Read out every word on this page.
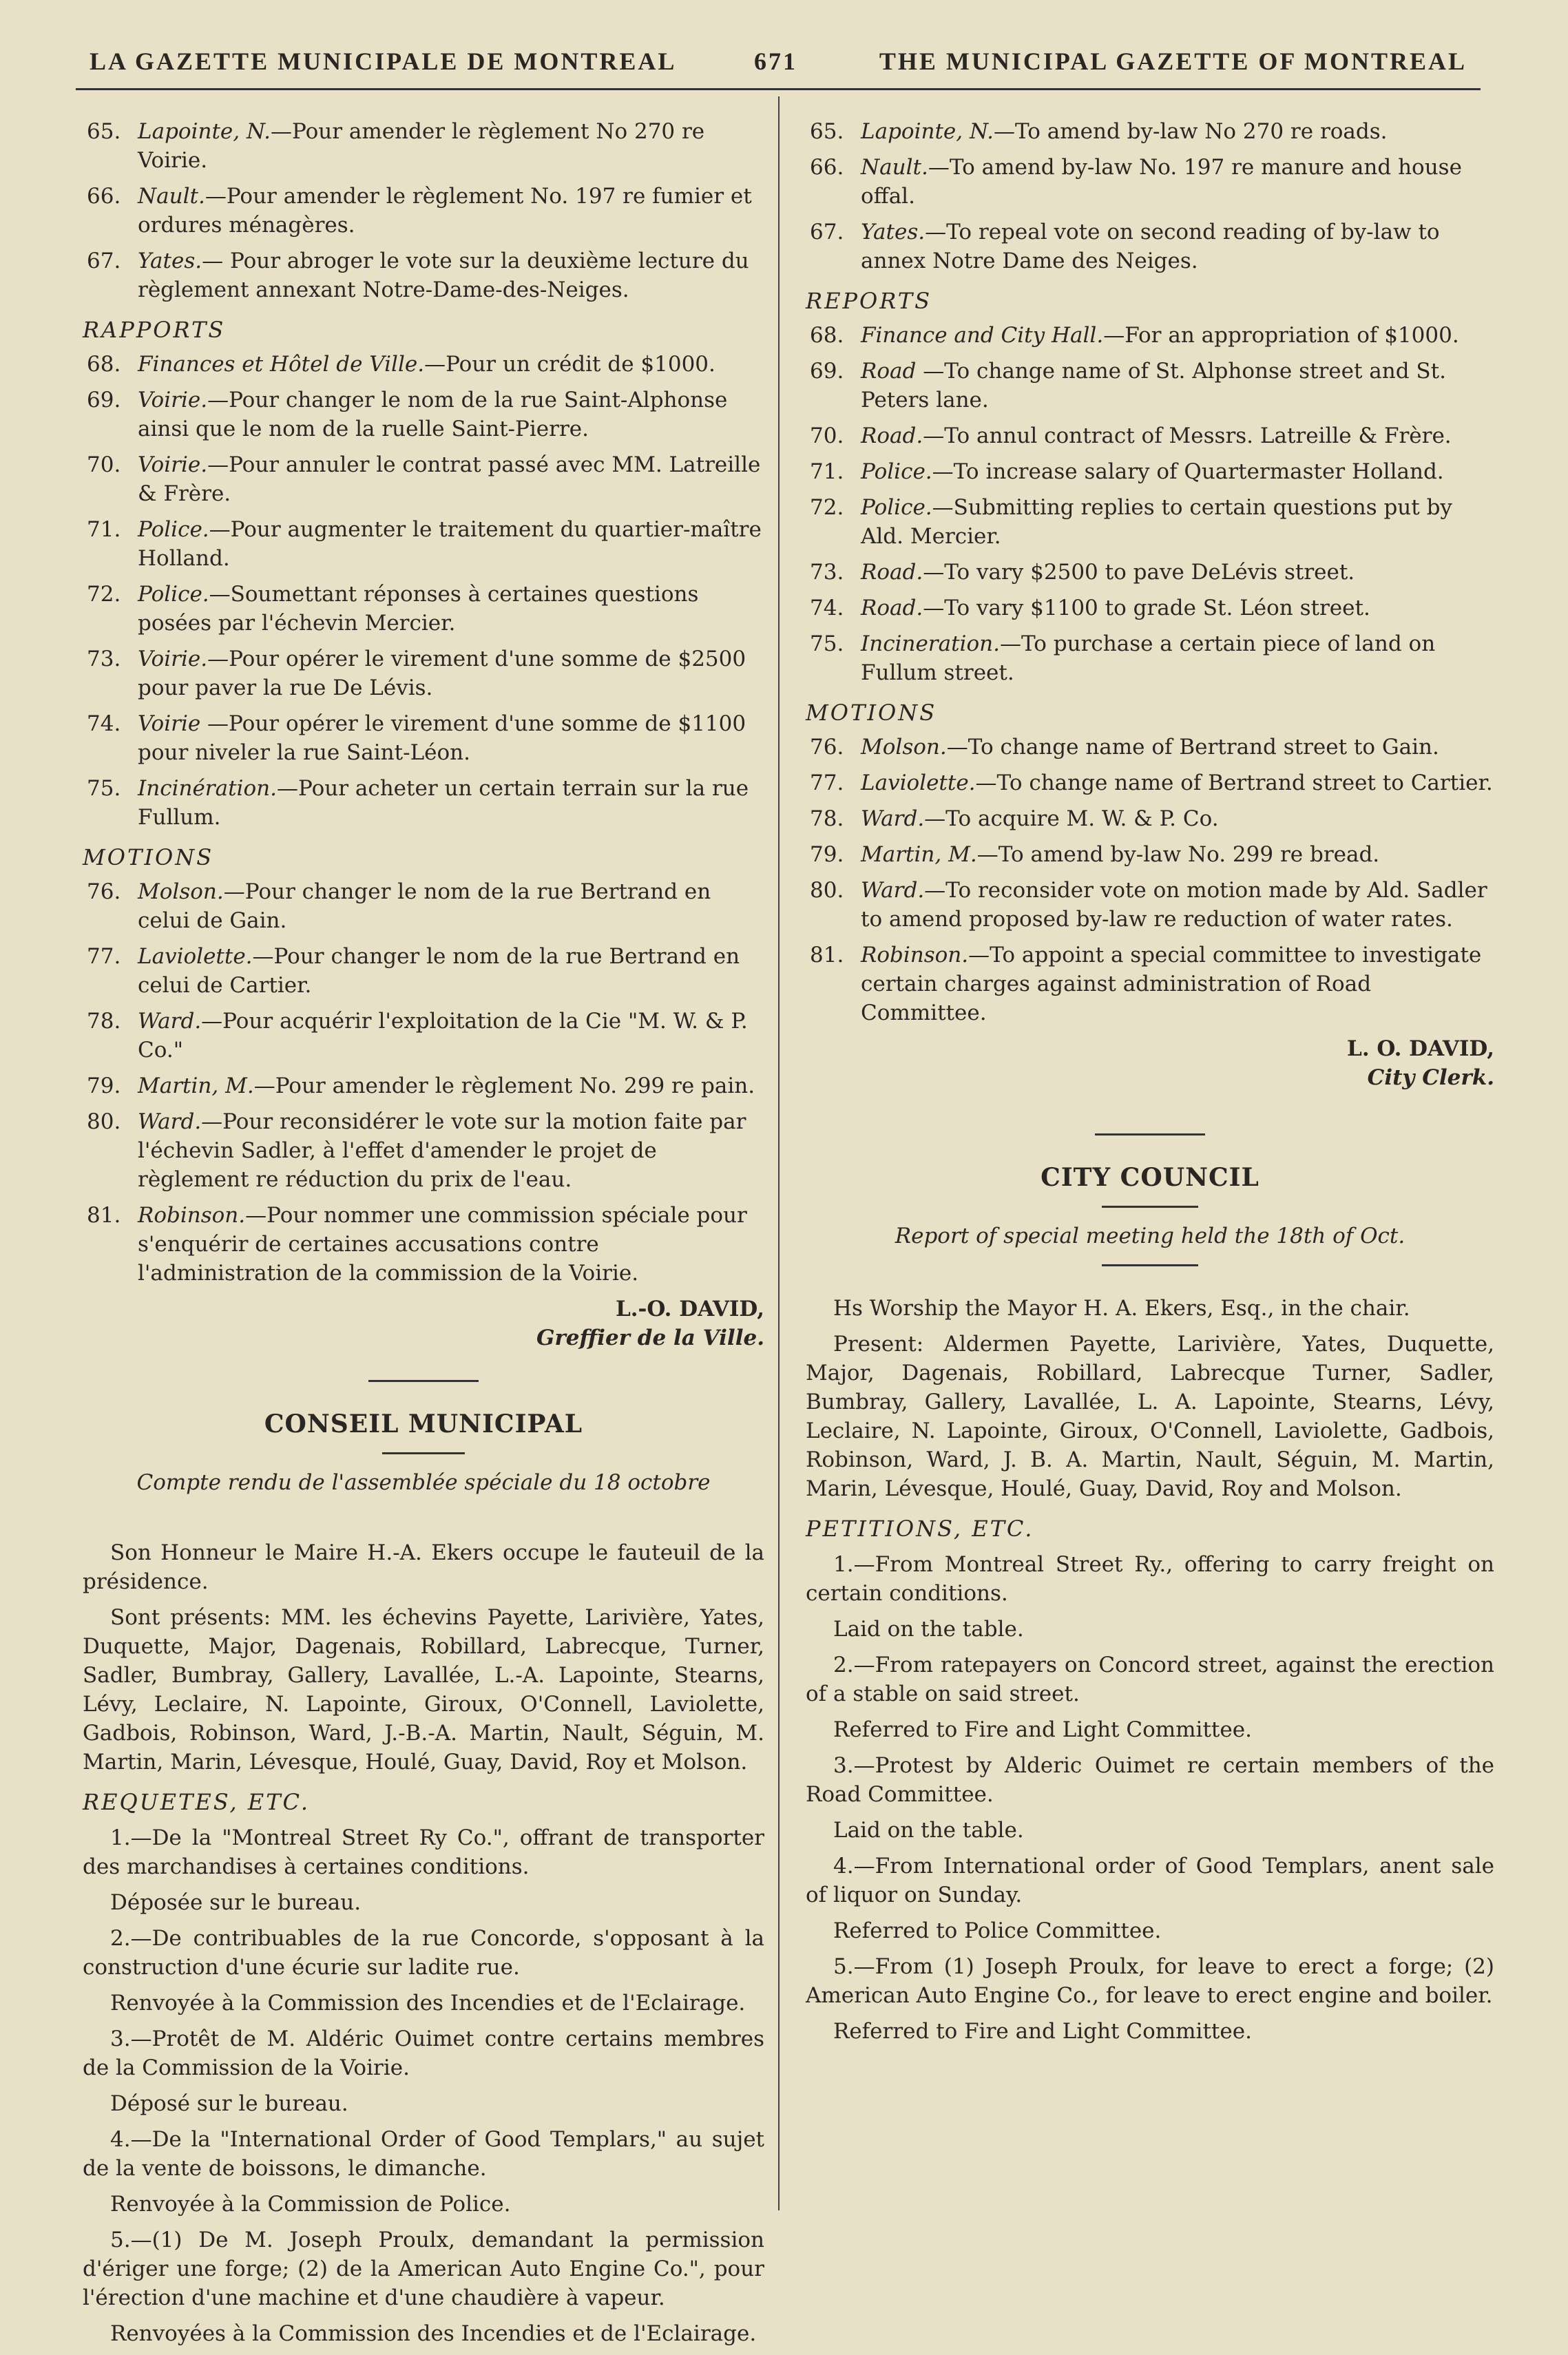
LA GAZETTE MUNICIPALE DE MONTREAL	671	THE MUNICIPAL GAZETTE OF MONTREAL
65. Lapointe, N.—Pour amender le règlement No 270 re Voirie.
66. Nault.—Pour amender le règlement No. 197 re fumier et ordures ménagères.
67. Yates.— Pour abroger le vote sur la deuxième lecture du règlement annexant Notre-Dame-des-Neiges.
RAPPORTS
68. Finances et Hôtel de Ville.—Pour un crédit de $1000.
69. Voirie.—Pour changer le nom de la rue Saint-Alphonse ainsi que le nom de la ruelle Saint-Pierre.
70. Voirie.—Pour annuler le contrat passé avec MM. Latreille & Frère.
71. Police.—Pour augmenter le traitement du quartier-maître Holland.
72. Police.—Soumettant réponses à certaines questions posées par l'échevin Mercier.
73. Voirie.—Pour opérer le virement d'une somme de $2500 pour paver la rue De Lévis.
74. Voirie —Pour opérer le virement d'une somme de $1100 pour niveler la rue Saint-Léon.
75. Incinération.—Pour acheter un certain terrain sur la rue Fullum.
MOTIONS
76. Molson.—Pour changer le nom de la rue Bertrand en celui de Gain.
77. Laviolette.—Pour changer le nom de la rue Bertrand en celui de Cartier.
78. Ward.—Pour acquérir l'exploitation de la Cie "M. W. & P. Co."
79. Martin, M.—Pour amender le règlement No. 299 re pain.
80. Ward.—Pour reconsidérer le vote sur la motion faite par l'échevin Sadler, à l'effet d'amender le projet de règlement re réduction du prix de l'eau.
81. Robinson.—Pour nommer une commission spéciale pour s'enquérir de certaines accusations contre l'administration de la commission de la Voirie.
L.-O. DAVID,
Greffier de la Ville.
CONSEIL MUNICIPAL
Compte rendu de l'assemblée spéciale du 18 octobre
Son Honneur le Maire H.-A. Ekers occupe le fauteuil de la présidence.
Sont présents: MM. les échevins Payette, Larivière, Yates, Duquette, Major, Dagenais, Robillard, Labrecque, Turner, Sadler, Bumbray, Gallery, Lavallée, L.-A. Lapointe, Stearns, Lévy, Leclaire, N. Lapointe, Giroux, O'Connell, Laviolette, Gadbois, Robinson, Ward, J.-B.-A. Martin, Nault, Séguin, M. Martin, Marin, Lévesque, Houlé, Guay, David, Roy et Molson.
REQUETES, ETC.
1.—De la "Montreal Street Ry Co.", offrant de transporter des marchandises à certaines conditions.
Déposée sur le bureau.
2.—De contribuables de la rue Concorde, s'opposant à la construction d'une écurie sur ladite rue.
Renvoyée à la Commission des Incendies et de l'Eclairage.
3.—Protêt de M. Aldéric Ouimet contre certains membres de la Commission de la Voirie.
Déposé sur le bureau.
4.—De la "International Order of Good Templars," au sujet de la vente de boissons, le dimanche.
Renvoyée à la Commission de Police.
5.—(1) De M. Joseph Proulx, demandant la permission d'ériger une forge; (2) de la American Auto Engine Co.", pour l'érection d'une machine et d'une chaudière à vapeur.
Renvoyées à la Commission des Incendies et de l'Eclairage.
65. Lapointe, N.—To amend by-law No 270 re roads.
66. Nault.—To amend by-law No. 197 re manure and house offal.
67. Yates.—To repeal vote on second reading of by-law to annex Notre Dame des Neiges.
REPORTS
68. Finance and City Hall.—For an appropriation of $1000.
69. Road —To change name of St. Alphonse street and St. Peters lane.
70. Road.—To annul contract of Messrs. Latreille & Frère.
71. Police.—To increase salary of Quartermaster Holland.
72. Police.—Submitting replies to certain questions put by Ald. Mercier.
73. Road.—To vary $2500 to pave DeLévis street.
74. Road.—To vary $1100 to grade St. Léon street.
75. Incineration.—To purchase a certain piece of land on Fullum street.
MOTIONS
76. Molson.—To change name of Bertrand street to Gain.
77. Laviolette.—To change name of Bertrand street to Cartier.
78. Ward.—To acquire M. W. & P. Co.
79. Martin, M.—To amend by-law No. 299 re bread.
80. Ward.—To reconsider vote on motion made by Ald. Sadler to amend proposed by-law re reduction of water rates.
81. Robinson.—To appoint a special committee to investigate certain charges against administration of Road Committee.
L. O. DAVID,
City Clerk.
CITY COUNCIL
Report of special meeting held the 18th of Oct.
Hs Worship the Mayor H. A. Ekers, Esq., in the chair.
Present: Aldermen Payette, Larivière, Yates, Duquette, Major, Dagenais, Robillard, Labrecque Turner, Sadler, Bumbray, Gallery, Lavallée, L. A. Lapointe, Stearns, Lévy, Leclaire, N. Lapointe, Giroux, O'Connell, Laviolette, Gadbois, Robinson, Ward, J. B. A. Martin, Nault, Séguin, M. Martin, Marin, Lévesque, Houlé, Guay, David, Roy and Molson.
PETITIONS, ETC.
1.—From Montreal Street Ry., offering to carry freight on certain conditions.
Laid on the table.
2.—From ratepayers on Concord street, against the erection of a stable on said street.
Referred to Fire and Light Committee.
3.—Protest by Alderic Ouimet re certain members of the Road Committee.
Laid on the table.
4.—From International order of Good Templars, anent sale of liquor on Sunday.
Referred to Police Committee.
5.—From (1) Joseph Proulx, for leave to erect a forge; (2) American Auto Engine Co., for leave to erect engine and boiler.
Referred to Fire and Light Committee.
